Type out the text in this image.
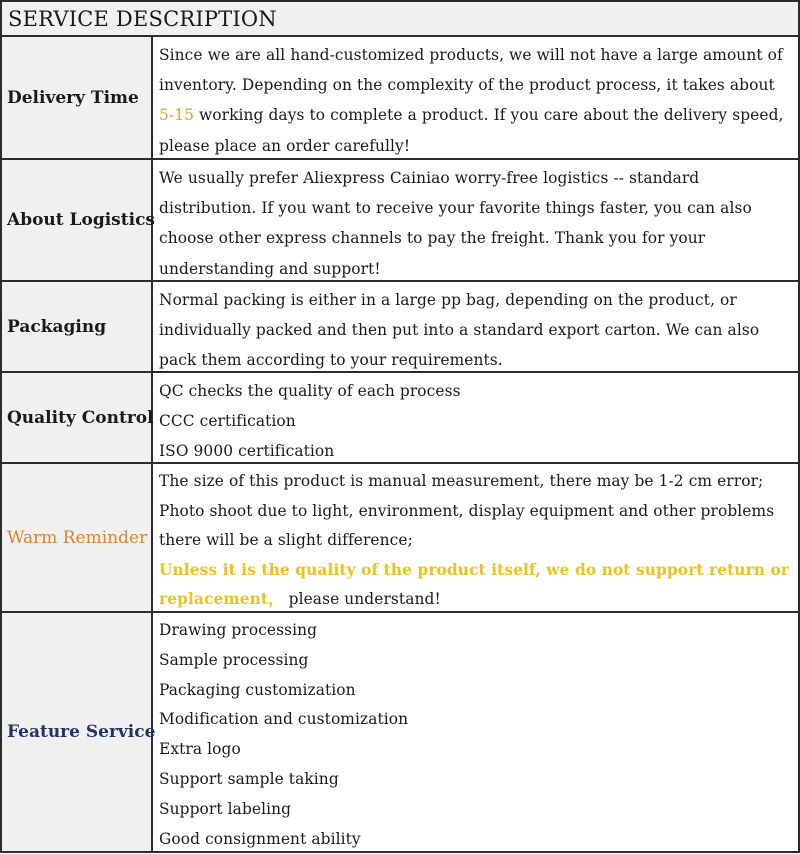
SERVICE DESCRIPTION
Delivery Time
Since we are all hand-customized products, we will not have a large amount of
inventory. Depending on the complexity of the product process, it takes about
5-15 working days to complete a product. If you care about the delivery speed,
please place an order carefully!
About Logistics
We usually prefer Aliexpress Cainiao worry-free logistics -- standard
distribution. If you want to receive your favorite things faster, you can also
choose other express channels to pay the freight. Thank you for your
understanding and support!
Packaging
Normal packing is either in a large pp bag, depending on the product, or
individually packed and then put into a standard export carton. We can also
pack them according to your requirements.
Quality Control
QC checks the quality of each process
CCC certification
ISO 9000 certification
Warm Reminder
The size of this product is manual measurement, there may be 1-2 cm error;
Photo shoot due to light, environment, display equipment and other problems
there will be a slight difference;
Unless it is the quality of the product itself, we do not support return or
replacement， please understand!
Feature Service
Drawing processing
Sample processing
Packaging customization
Modification and customization
Extra logo
Support sample taking
Support labeling
Good consignment ability
